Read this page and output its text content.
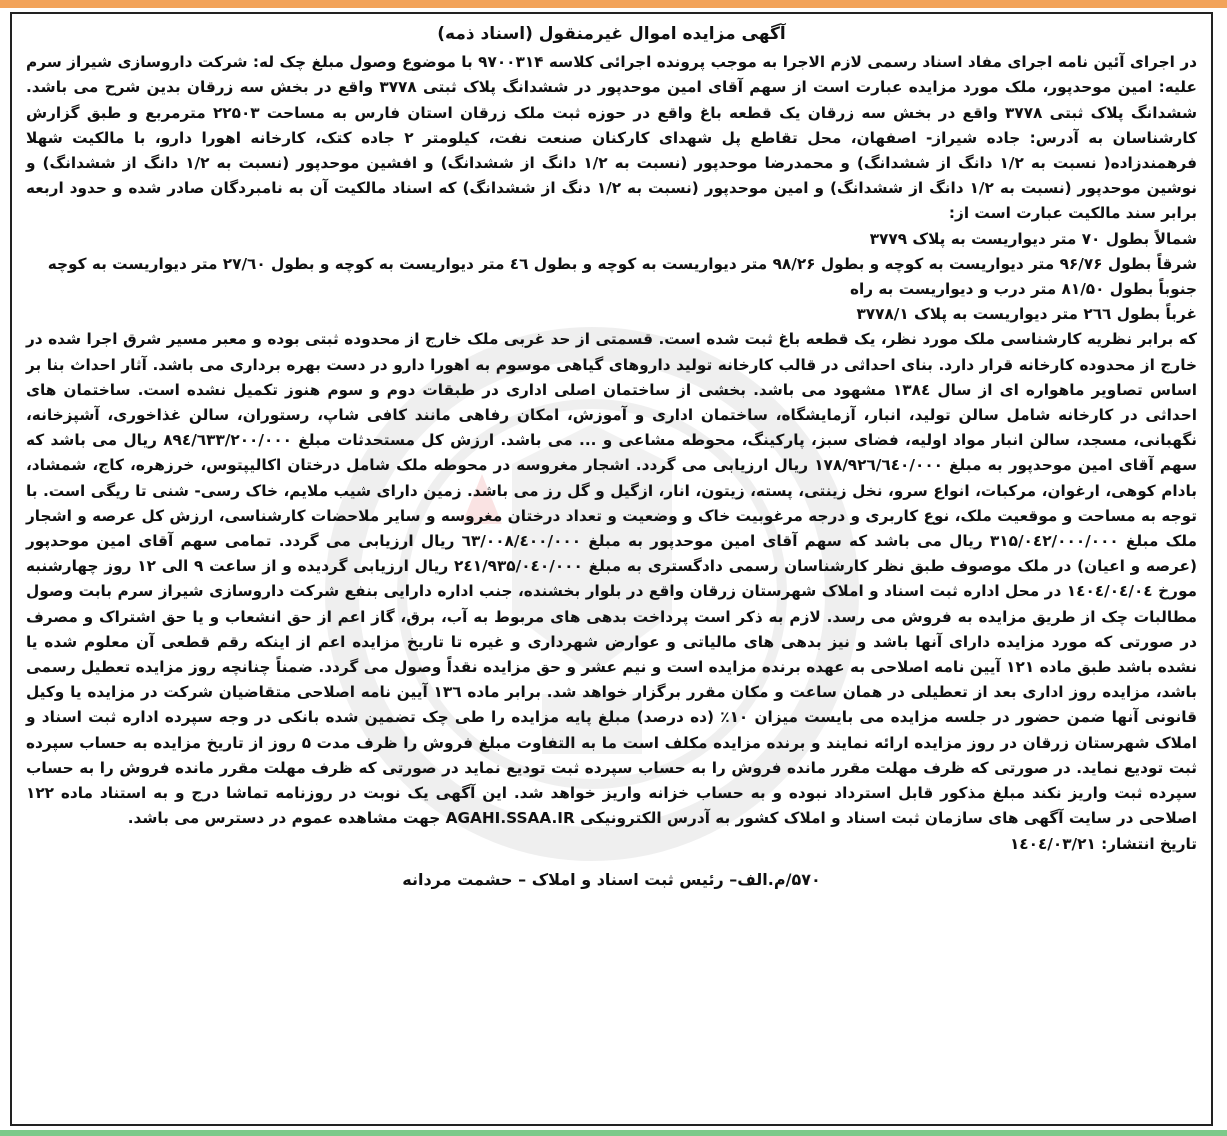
آگهی مزایده اموال غیرمنقول (اسناد ذمه)

در اجرای آئین نامه اجرای مفاد اسناد رسمی لازم الاجرا به موجب پرونده اجرائی کلاسه ۹۷۰۰۳۱۴ با موضوع وصول مبلغ چک له: شرکت داروسازی شیراز سرم علیه: امین موحدپور، ملک مورد مزایده عبارت است از سهم آقای امین موحدپور در ششدانگ پلاک ثبتی ۳۷۷۸ واقع در بخش سه زرقان بدین شرح می باشد. ششدانگ پلاک ثبتی ۳۷۷۸ واقع در بخش سه زرقان یک قطعه باغ واقع در حوزه ثبت ملک زرقان استان فارس به مساحت ۲۲۵۰۳ مترمربع و طبق گزارش کارشناسان به آدرس: جاده شیراز- اصفهان، محل تقاطع پل شهدای کارکنان صنعت نفت، کیلومتر ۲ جاده کتک، کارخانه اهورا دارو، با مالکیت شهلا فرهمندزاده( نسبت به ۱/۲ دانگ از ششدانگ) و محمدرضا موحدپور (نسبت به ۱/۲ دانگ از ششدانگ) و افشین موحدپور (نسبت به ۱/۲ دانگ از ششدانگ) و نوشین موحدپور (نسبت به ۱/۲ دانگ از ششدانگ) و امین موحدپور (نسبت به ۱/۲ دنگ از ششدانگ) که اسناد مالکیت آن به نامبردگان صادر شده و حدود اربعه برابر سند مالکیت عبارت است از:

شمالاً بطول ۷۰ متر دیواریست به پلاک ۳۷۷۹
شرقاً بطول ۹۶/۷۶ متر دیواریست به کوچه و بطول ۹۸/۲۶ متر دیواریست به کوچه و بطول ٤٦ متر دیواریست به کوچه و بطول ۲۷/٦۰ متر دیواریست به کوچه
جنوباً بطول ۸۱/۵۰ متر درب و دیواریست به راه
غرباً بطول ۲٦٦ متر دیواریست به پلاک ۳۷۷۸/۱

که برابر نظریه کارشناسی ملک مورد نظر، یک قطعه باغ ثبت شده است. قسمتی از حد غربی ملک خارج از محدوده ثبتی بوده و معبر مسیر شرق اجرا شده در خارج از محدوده کارخانه قرار دارد. بنای احداثی در قالب کارخانه تولید داروهای گیاهی موسوم به اهورا دارو در دست بهره برداری می باشد. آثار احداث بنا بر اساس تصاویر ماهواره ای از سال ۱۳۸٤ مشهود می باشد. بخشی از ساختمان اصلی اداری در طبقات دوم و سوم هنوز تکمیل نشده است. ساختمان های احداثی در کارخانه شامل سالن تولید، انبار، آزمایشگاه، ساختمان اداری و آموزش، امکان رفاهی مانند کافی شاپ، رستوران، سالن غذاخوری، آشپزخانه، نگهبانی، مسجد، سالن انبار مواد اولیه، فضای سبز، پارکینگ، محوطه مشاعی و ... می باشد. ارزش کل مستحدثات مبلغ ۸۹٤/٦۳۳/۲۰۰/۰۰۰ ریال می باشد که سهم آقای امین موحدپور به مبلغ ۱۷۸/۹۲٦/٦٤۰/۰۰۰ ریال ارزیابی می گردد. اشجار مغروسه در محوطه ملک شامل درختان اکالیپتوس، خرزهره، کاج، شمشاد، بادام کوهی، ارغوان، مرکبات، انواع سرو، نخل زینتی، پسته، زیتون، انار، ازگیل و گل رز می باشد. زمین دارای شیب ملایم، خاک رسی- شنی تا ریگی است. با توجه به مساحت و موقعیت ملک، نوع کاربری و درجه مرغوبیت خاک و وضعیت و تعداد درختان مغروسه و سایر ملاحضات کارشناسی، ارزش کل عرصه و اشجار ملک مبلغ ۳۱۵/۰٤۲/۰۰۰/۰۰۰ ریال می باشد که سهم آقای امین موحدپور به مبلغ ٦۳/۰۰۸/٤۰۰/۰۰۰ ریال ارزیابی می گردد. تمامی سهم آقای امین موحدپور (عرصه و اعیان) در ملک موصوف طبق نظر کارشناسان رسمی دادگستری به مبلغ ۲٤۱/۹۳۵/۰٤۰/۰۰۰ ریال ارزیابی گردیده و از ساعت ۹ الی ۱۲ روز چهارشنبه مورخ ۱٤۰٤/۰٤/۰٤ در محل اداره ثبت اسناد و املاک شهرستان زرقان واقع در بلوار بخشنده، جنب اداره دارایی بنفع شرکت داروسازی شیراز سرم بابت وصول مطالبات چک از طریق مزایده به فروش می رسد. لازم به ذکر است پرداخت بدهی های مربوط به آب، برق، گاز اعم از حق انشعاب و یا حق اشتراک و مصرف در صورتی که مورد مزایده دارای آنها باشد و نیز بدهی های مالیاتی و عوارض شهرداری و غیره تا تاریخ مزایده اعم از اینکه رقم قطعی آن معلوم شده یا نشده باشد طبق ماده ۱۲۱ آیین نامه اصلاحی به عهده برنده مزایده است و نیم عشر و حق مزایده نقداً وصول می گردد. ضمناً چنانچه روز مزایده تعطیل رسمی باشد، مزایده روز اداری بعد از تعطیلی در همان ساعت و مکان مقرر برگزار خواهد شد. برابر ماده ۱۳٦ آیین نامه اصلاحی متقاضیان شرکت در مزایده یا وکیل قانونی آنها ضمن حضور در جلسه مزایده می بایست میزان ۱۰٪ (ده درصد) مبلغ پایه مزایده را طی چک تضمین شده بانکی در وجه سپرده اداره ثبت اسناد و املاک شهرستان زرقان در روز مزایده ارائه نمایند و برنده مزایده مکلف است ما به التفاوت مبلغ فروش را ظرف مدت ۵ روز از تاریخ مزایده به حساب سپرده ثبت تودیع نماید. در صورتی که ظرف مهلت مقرر مانده فروش را به حساب سپرده ثبت تودیع نماید در صورتی که ظرف مهلت مقرر مانده فروش را به حساب سپرده ثبت واریز نکند مبلغ مذکور قابل استرداد نبوده و به حساب خزانه واریز خواهد شد. این آگهی یک نوبت در روزنامه تماشا درج و به استناد ماده ۱۲۲ اصلاحی در سایت آگهی های سازمان ثبت اسناد و املاک کشور به آدرس الکترونیکی AGAHI.SSAA.IR جهت مشاهده عموم در دسترس می باشد.

تاریخ انتشار: ۱٤۰٤/۰۳/۲۱
۵۷۰/م.الف– رئیس ثبت اسناد و املاک – حشمت مردانه
